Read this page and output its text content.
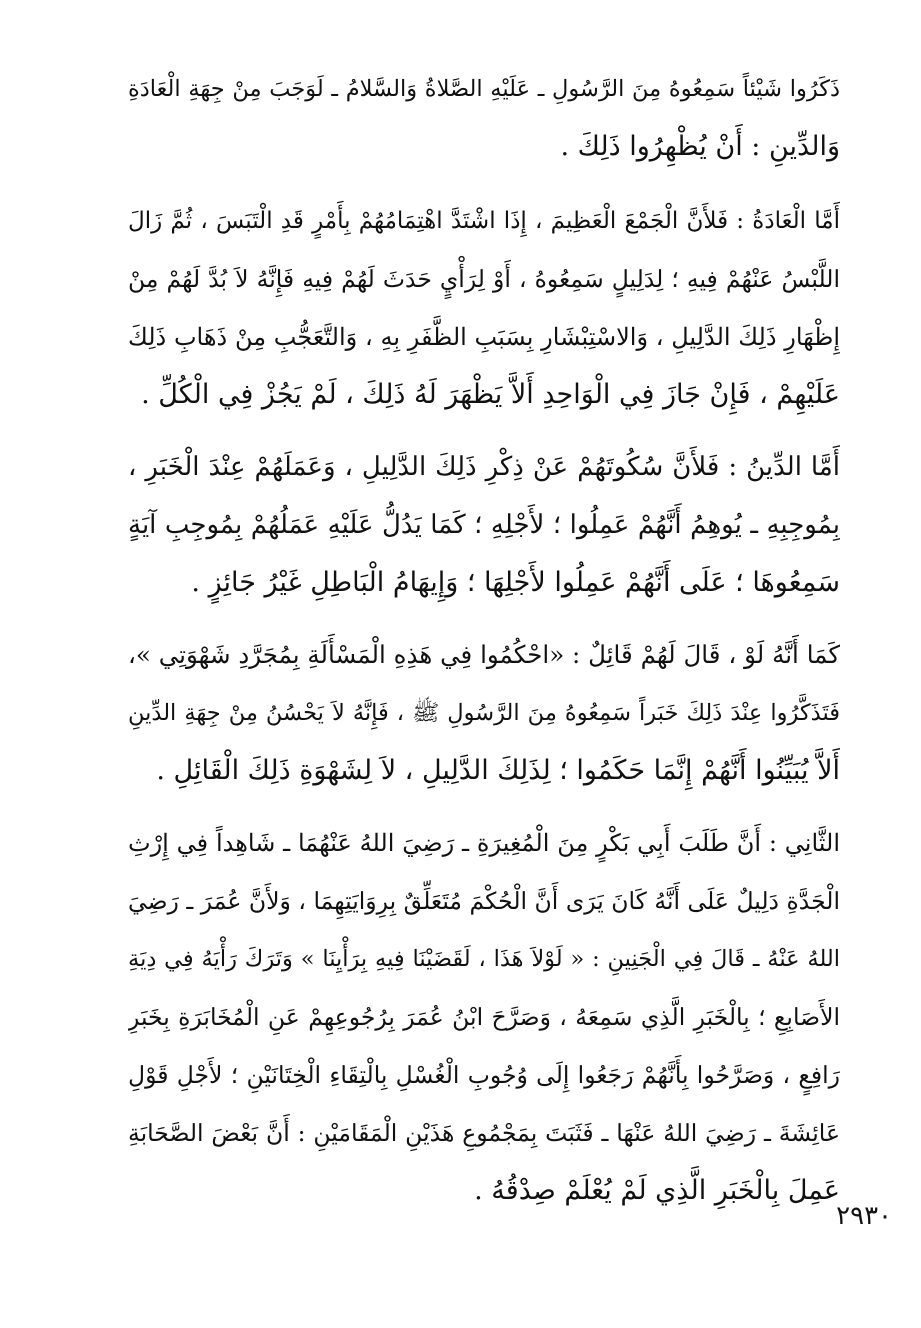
ذَكَرُوا شَيْئاً سَمِعُوهُ مِنَ الرَّسُولِ ـ عَلَيْهِ الصَّلاةُ وَالسَّلامُ ـ لَوَجَبَ مِنْ جِهَةِ الْعَادَةِ
وَالدِّينِ : أَنْ يُظْهِرُوا ذَلِكَ .
أَمَّا الْعَادَةُ : فَلأَنَّ الْجَمْعَ الْعَظِيمَ ، إِذَا اشْتَدَّ اهْتِمَامُهُمْ بِأَمْرٍ قَدِ الْتَبَسَ ، ثُمَّ زَالَ
اللَّبْسُ عَنْهُمْ فِيهِ ؛ لِدَلِيلٍ سَمِعُوهُ ، أَوْ لِرَأْيٍ حَدَثَ لَهُمْ فِيهِ فَإِنَّهُ لاَ بُدَّ لَهُمْ مِنْ
إِظْهَارِ ذَلِكَ الدَّلِيلِ ، وَالاسْتِبْشَارِ بِسَبَبِ الظَّفَرِ بِهِ ، وَالتَّعَجُّبِ مِنْ ذَهَابِ ذَلِكَ
عَلَيْهِمْ ، فَإِنْ جَازَ فِي الْوَاحِدِ أَلاَّ يَظْهَرَ لَهُ ذَلِكَ ، لَمْ يَجُزْ فِي الْكُلِّ .
أَمَّا الدِّينُ : فَلأَنَّ سُكُوتَهُمْ عَنْ ذِكْرِ ذَلِكَ الدَّلِيلِ ، وَعَمَلَهُمْ عِنْدَ الْخَبَرِ ،
بِمُوجِبِهِ ـ يُوهِمُ أَنَّهُمْ عَمِلُوا ؛ لأَجْلِهِ ؛ كَمَا يَدُلُّ عَلَيْهِ عَمَلُهُمْ بِمُوجِبِ آيَةٍ
سَمِعُوهَا ؛ عَلَى أَنَّهُمْ عَمِلُوا لأَجْلِهَا ؛ وَإِيهَامُ الْبَاطِلِ غَيْرُ جَائِزٍ .
كَمَا أَنَّهُ لَوْ ، قَالَ لَهُمْ قَائِلٌ : «احْكُمُوا فِي هَذِهِ الْمَسْأَلَةِ بِمُجَرَّدِ شَهْوَتِي »،
فَتَذَكَّرُوا عِنْدَ ذَلِكَ خَبَراً سَمِعُوهُ مِنَ الرَّسُولِ ﷺ ، فَإِنَّهُ لاَ يَحْسُنُ مِنْ جِهَةِ الدِّينِ
أَلاَّ يُبَيِّنُوا أَنَّهُمْ إِنَّمَا حَكَمُوا ؛ لِذَلِكَ الدَّلِيلِ ، لاَ لِشَهْوَةِ ذَلِكَ الْقَائِلِ .
الثَّانِي : أَنَّ طَلَبَ أَبِي بَكْرٍ مِنَ الْمُغِيرَةِ ـ رَضِيَ اللهُ عَنْهُمَا ـ شَاهِداً فِي إِرْثِ
الْجَدَّةِ دَلِيلٌ عَلَى أَنَّهُ كَانَ يَرَى أَنَّ الْحُكْمَ مُتَعَلِّقٌ بِرِوَايَتِهِمَا ، وَلأَنَّ عُمَرَ ـ رَضِيَ
اللهُ عَنْهُ ـ قَالَ فِي الْجَنِينِ : « لَوْلاَ هَذَا ، لَقَضَيْنَا فِيهِ بِرَأْيِنَا » وَتَرَكَ رَأْيَهُ فِي دِيَةِ
الأَصَابِعِ ؛ بِالْخَبَرِ الَّذِي سَمِعَهُ ، وَصَرَّحَ ابْنُ عُمَرَ بِرُجُوعِهِمْ عَنِ الْمُخَابَرَةِ بِخَبَرِ
رَافِعٍ ، وَصَرَّحُوا بِأَنَّهُمْ رَجَعُوا إِلَى وُجُوبِ الْغُسْلِ بِالْتِقَاءِ الْخِتَانَيْنِ ؛ لأَجْلِ قَوْلِ
عَائِشَةَ ـ رَضِيَ اللهُ عَنْهَا ـ فَثَبَتَ بِمَجْمُوعِ هَذَيْنِ الْمَقَامَيْنِ : أَنَّ بَعْضَ الصَّحَابَةِ
عَمِلَ بِالْخَبَرِ الَّذِي لَمْ يُعْلَمْ صِدْقُهُ .
٢٩٣٠
